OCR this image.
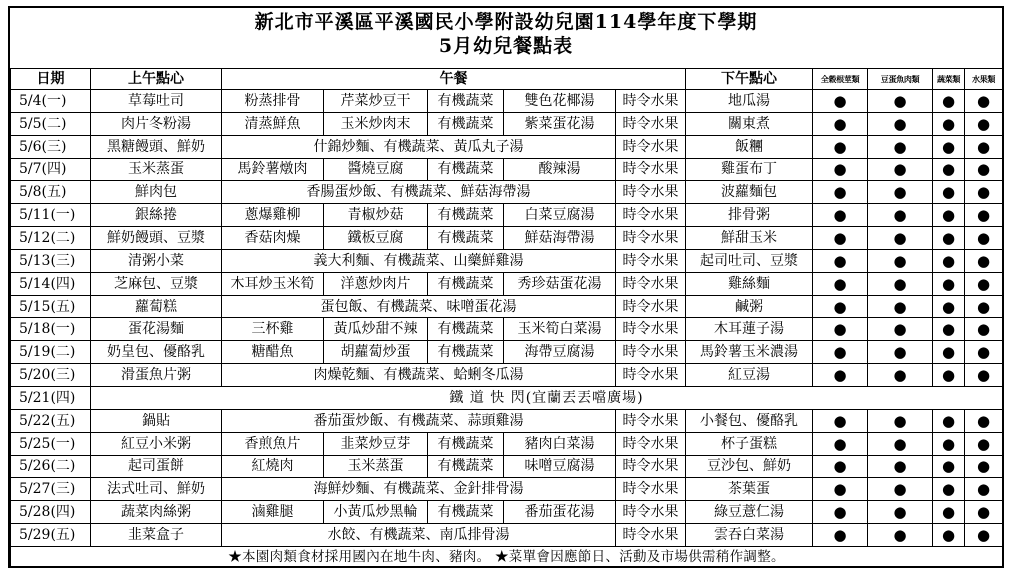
新北市平溪區平溪國民小學附設幼兒園114學年度下學期
5月幼兒餐點表
日期	上午點心	午餐					下午點心	全穀根莖類	豆蛋魚肉類	蔬菜類	水果類
5/4(一)	草莓吐司	粉蒸排骨	芹菜炒豆干	有機蔬菜	雙色花椰湯	時令水果	地瓜湯	●	●	●	●
5/5(二)	肉片冬粉湯	清蒸鮮魚	玉米炒肉末	有機蔬菜	紫菜蛋花湯	時令水果	關東煮	●	●	●	●
5/6(三)	黑糖饅頭、鮮奶	什錦炒麵、有機蔬菜、黃瓜丸子湯				時令水果	飯糰	●	●	●	●
5/7(四)	玉米蒸蛋	馬鈴薯燉肉	醬燒豆腐	有機蔬菜	酸辣湯	時令水果	雞蛋布丁	●	●	●	●
5/8(五)	鮮肉包	香腸蛋炒飯、有機蔬菜、鮮菇海帶湯				時令水果	波蘿麵包	●	●	●	●
5/11(一)	銀絲捲	蔥爆雞柳	青椒炒菇	有機蔬菜	白菜豆腐湯	時令水果	排骨粥	●	●	●	●
5/12(二)	鮮奶饅頭、豆漿	香菇肉燥	鐵板豆腐	有機蔬菜	鮮菇海帶湯	時令水果	鮮甜玉米	●	●	●	●
5/13(三)	清粥小菜	義大利麵、有機蔬菜、山藥鮮雞湯				時令水果	起司吐司、豆漿	●	●	●	●
5/14(四)	芝麻包、豆漿	木耳炒玉米筍	洋蔥炒肉片	有機蔬菜	秀珍菇蛋花湯	時令水果	雞絲麵	●	●	●	●
5/15(五)	蘿蔔糕	蛋包飯、有機蔬菜、味噌蛋花湯				時令水果	鹹粥	●	●	●	●
5/18(一)	蛋花湯麵	三杯雞	黃瓜炒甜不辣	有機蔬菜	玉米筍白菜湯	時令水果	木耳蓮子湯	●	●	●	●
5/19(二)	奶皇包、優酪乳	糖醋魚	胡蘿蔔炒蛋	有機蔬菜	海帶豆腐湯	時令水果	馬鈴薯玉米濃湯	●	●	●	●
5/20(三)	滑蛋魚片粥	肉燥乾麵、有機蔬菜、蛤蜊冬瓜湯				時令水果	紅豆湯	●	●	●	●
5/21(四)	鐵 道 快 閃(宜蘭丟丟噹廣場)										
5/22(五)	鍋貼	番茄蛋炒飯、有機蔬菜、蒜頭雞湯				時令水果	小餐包、優酪乳	●	●	●	●
5/25(一)	紅豆小米粥	香煎魚片	韭菜炒豆芽	有機蔬菜	豬肉白菜湯	時令水果	杯子蛋糕	●	●	●	●
5/26(二)	起司蛋餅	紅燒肉	玉米蒸蛋	有機蔬菜	味噌豆腐湯	時令水果	豆沙包、鮮奶	●	●	●	●
5/27(三)	法式吐司、鮮奶	海鮮炒麵、有機蔬菜、金針排骨湯				時令水果	茶葉蛋	●	●	●	●
5/28(四)	蔬菜肉絲粥	滷雞腿	小黃瓜炒黑輪	有機蔬菜	番茄蛋花湯	時令水果	綠豆薏仁湯	●	●	●	●
5/29(五)	韭菜盒子	水餃、有機蔬菜、南瓜排骨湯				時令水果	雲吞白菜湯	●	●	●	●
★本園肉類食材採用國內在地牛肉、豬肉。 ★菜單會因應節日、活動及市場供需稍作調整。											
